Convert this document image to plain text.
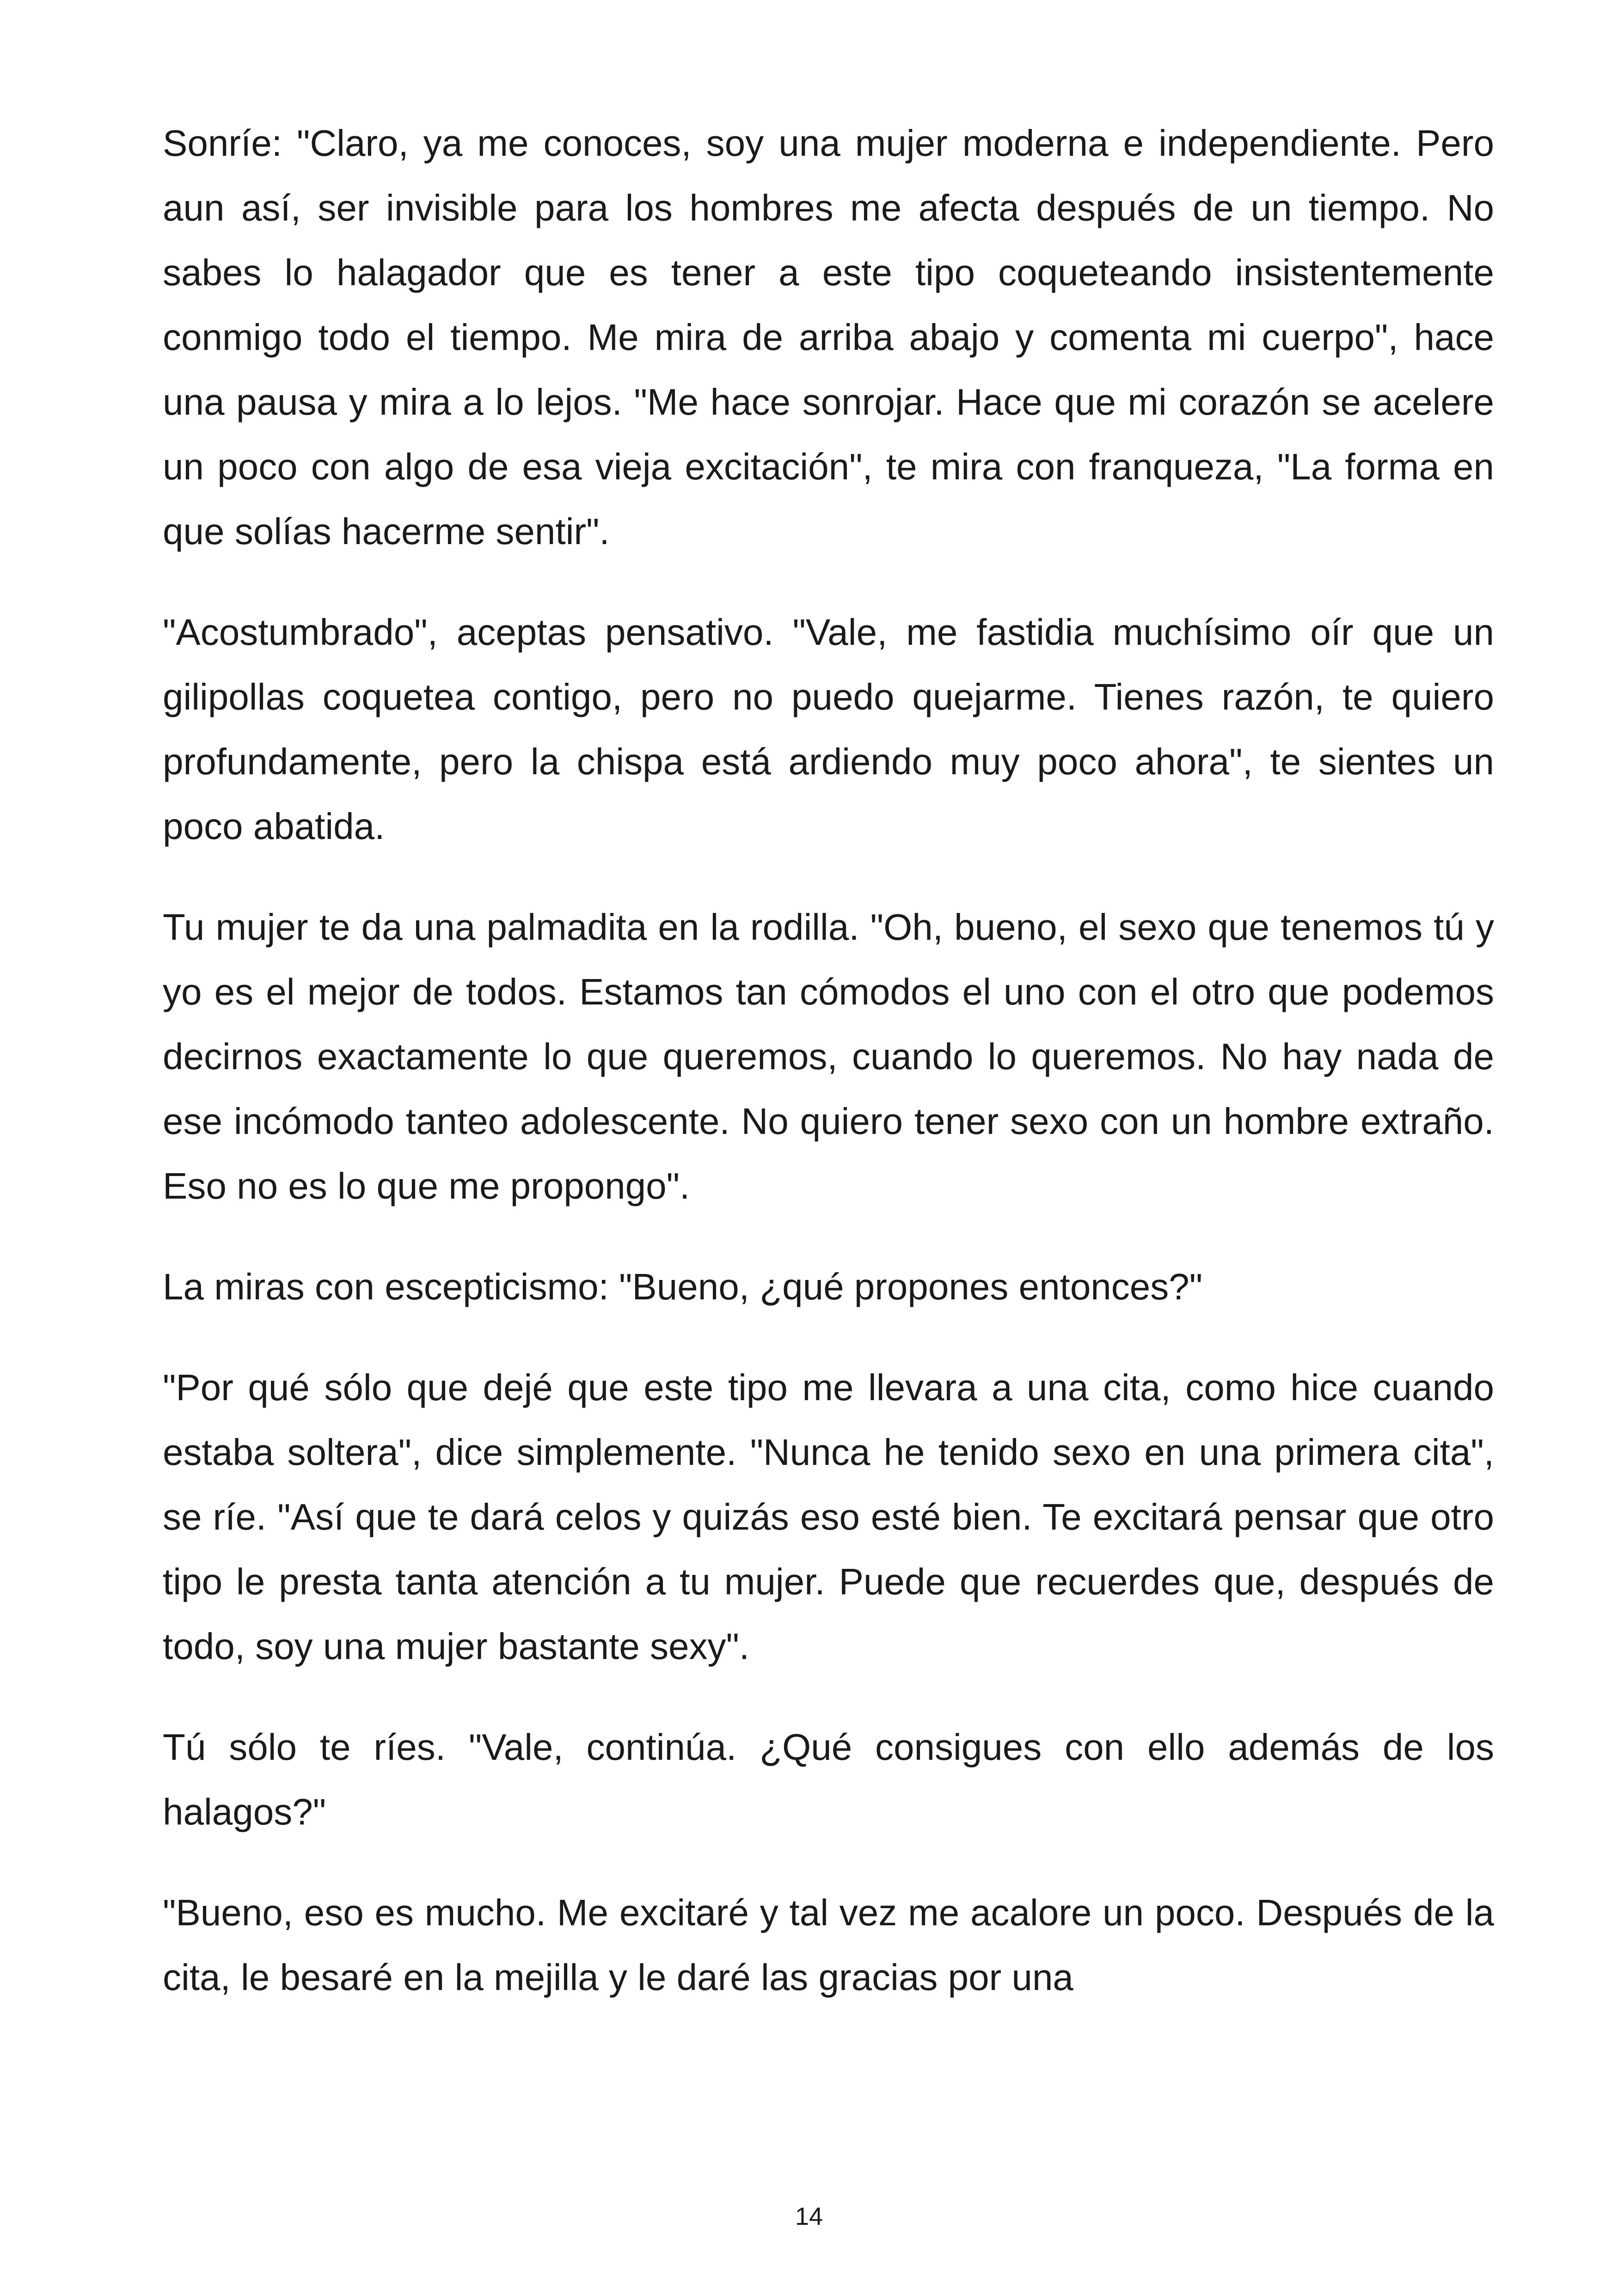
Sonríe: "Claro, ya me conoces, soy una mujer moderna e independiente. Pero aun así, ser invisible para los hombres me afecta después de un tiempo. No sabes lo halagador que es tener a este tipo coqueteando insistentemente conmigo todo el tiempo. Me mira de arriba abajo y comenta mi cuerpo", hace una pausa y mira a lo lejos. "Me hace sonrojar. Hace que mi corazón se acelere un poco con algo de esa vieja excitación", te mira con franqueza, "La forma en que solías hacerme sentir".

"Acostumbrado", aceptas pensativo. "Vale, me fastidia muchísimo oír que un gilipollas coquetea contigo, pero no puedo quejarme. Tienes razón, te quiero profundamente, pero la chispa está ardiendo muy poco ahora", te sientes un poco abatida.

Tu mujer te da una palmadita en la rodilla. "Oh, bueno, el sexo que tenemos tú y yo es el mejor de todos. Estamos tan cómodos el uno con el otro que podemos decirnos exactamente lo que queremos, cuando lo queremos. No hay nada de ese incómodo tanteo adolescente. No quiero tener sexo con un hombre extraño. Eso no es lo que me propongo".

La miras con escepticismo: "Bueno, ¿qué propones entonces?"

"Por qué sólo que dejé que este tipo me llevara a una cita, como hice cuando estaba soltera", dice simplemente. "Nunca he tenido sexo en una primera cita", se ríe. "Así que te dará celos y quizás eso esté bien. Te excitará pensar que otro tipo le presta tanta atención a tu mujer. Puede que recuerdes que, después de todo, soy una mujer bastante sexy".

Tú sólo te ríes. "Vale, continúa. ¿Qué consigues con ello además de los halagos?"

"Bueno, eso es mucho. Me excitaré y tal vez me acalore un poco. Después de la cita, le besaré en la mejilla y le daré las gracias por una

14
